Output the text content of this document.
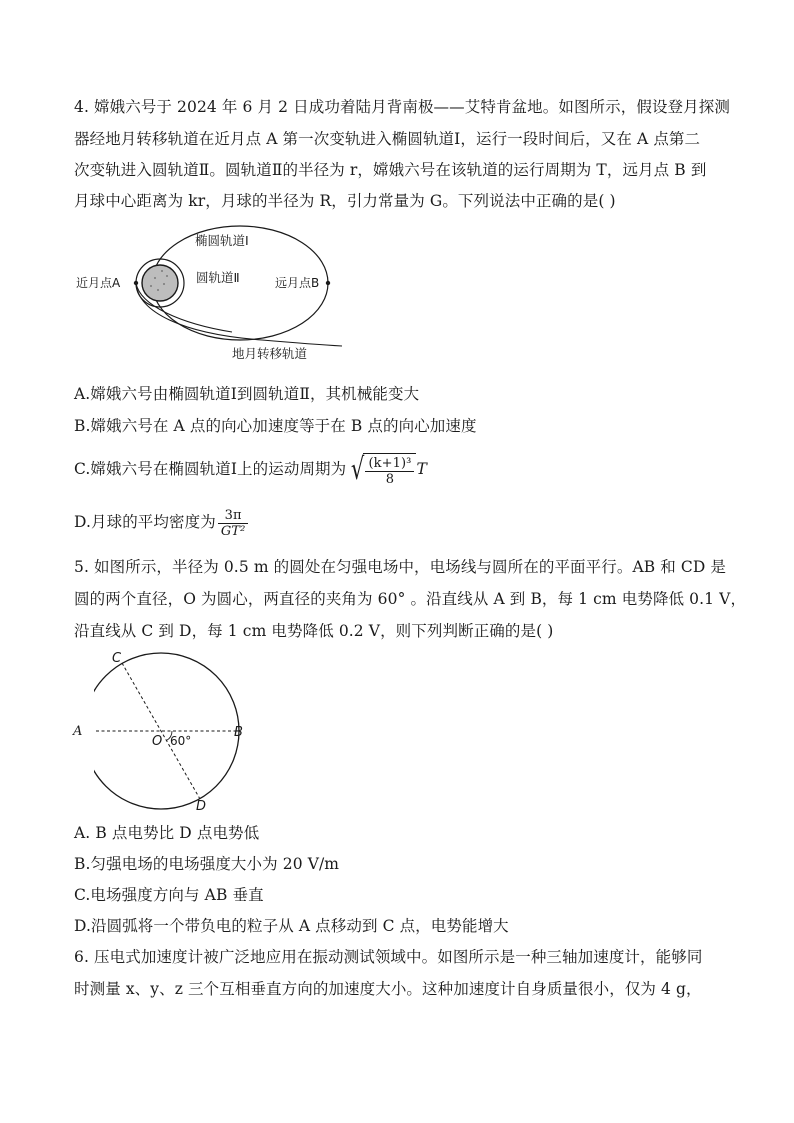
4. 嫦娥六号于 2024 年 6 月 2 日成功着陆月背南极——艾特肯盆地。如图所示，假设登月探测
器经地月转移轨道在近月点 A 第一次变轨进入椭圆轨道Ⅰ，运行一段时间后，又在 A 点第二
次变轨进入圆轨道Ⅱ。圆轨道Ⅱ的半径为 r，嫦娥六号在该轨道的运行周期为 T，远月点 B 到
月球中心距离为 kr，月球的半径为 R，引力常量为 G。下列说法中正确的是( )
椭圆轨道Ⅰ
圆轨道Ⅱ
近月点A	远月点B
地月转移轨道
A.嫦娥六号由椭圆轨道Ⅰ到圆轨道Ⅱ，其机械能变大
B.嫦娥六号在 A 点的向心加速度等于在 B 点的向心加速度
C.嫦娥六号在椭圆轨道Ⅰ上的运动周期为 √ $\frac{\text{(k+1)³}}{8}$ T
D.月球的平均密度为 $\frac{3\pi}{\text{GT²}}$
5. 如图所示，半径为 0.5 m 的圆处在匀强电场中，电场线与圆所在的平面平行。AB 和 CD 是
圆的两个直径，O 为圆心，两直径的夹角为 60° 。沿直线从 A 到 B，每 1 cm 电势降低 0.1 V，
沿直线从 C 到 D，每 1 cm 电势降低 0.2 V，则下列判断正确的是( )
C
D
O 60°
B
A
A. B 点电势比 D 点电势低
B.匀强电场的电场强度大小为 20 V/m
C.电场强度方向与 AB 垂直
D.沿圆弧将一个带负电的粒子从 A 点移动到 C 点，电势能增大
6. 压电式加速度计被广泛地应用在振动测试领域中。如图所示是一种三轴加速度计，能够同
时测量 x、y、z 三个互相垂直方向的加速度大小。这种加速度计自身质量很小，仅为 4 g，
